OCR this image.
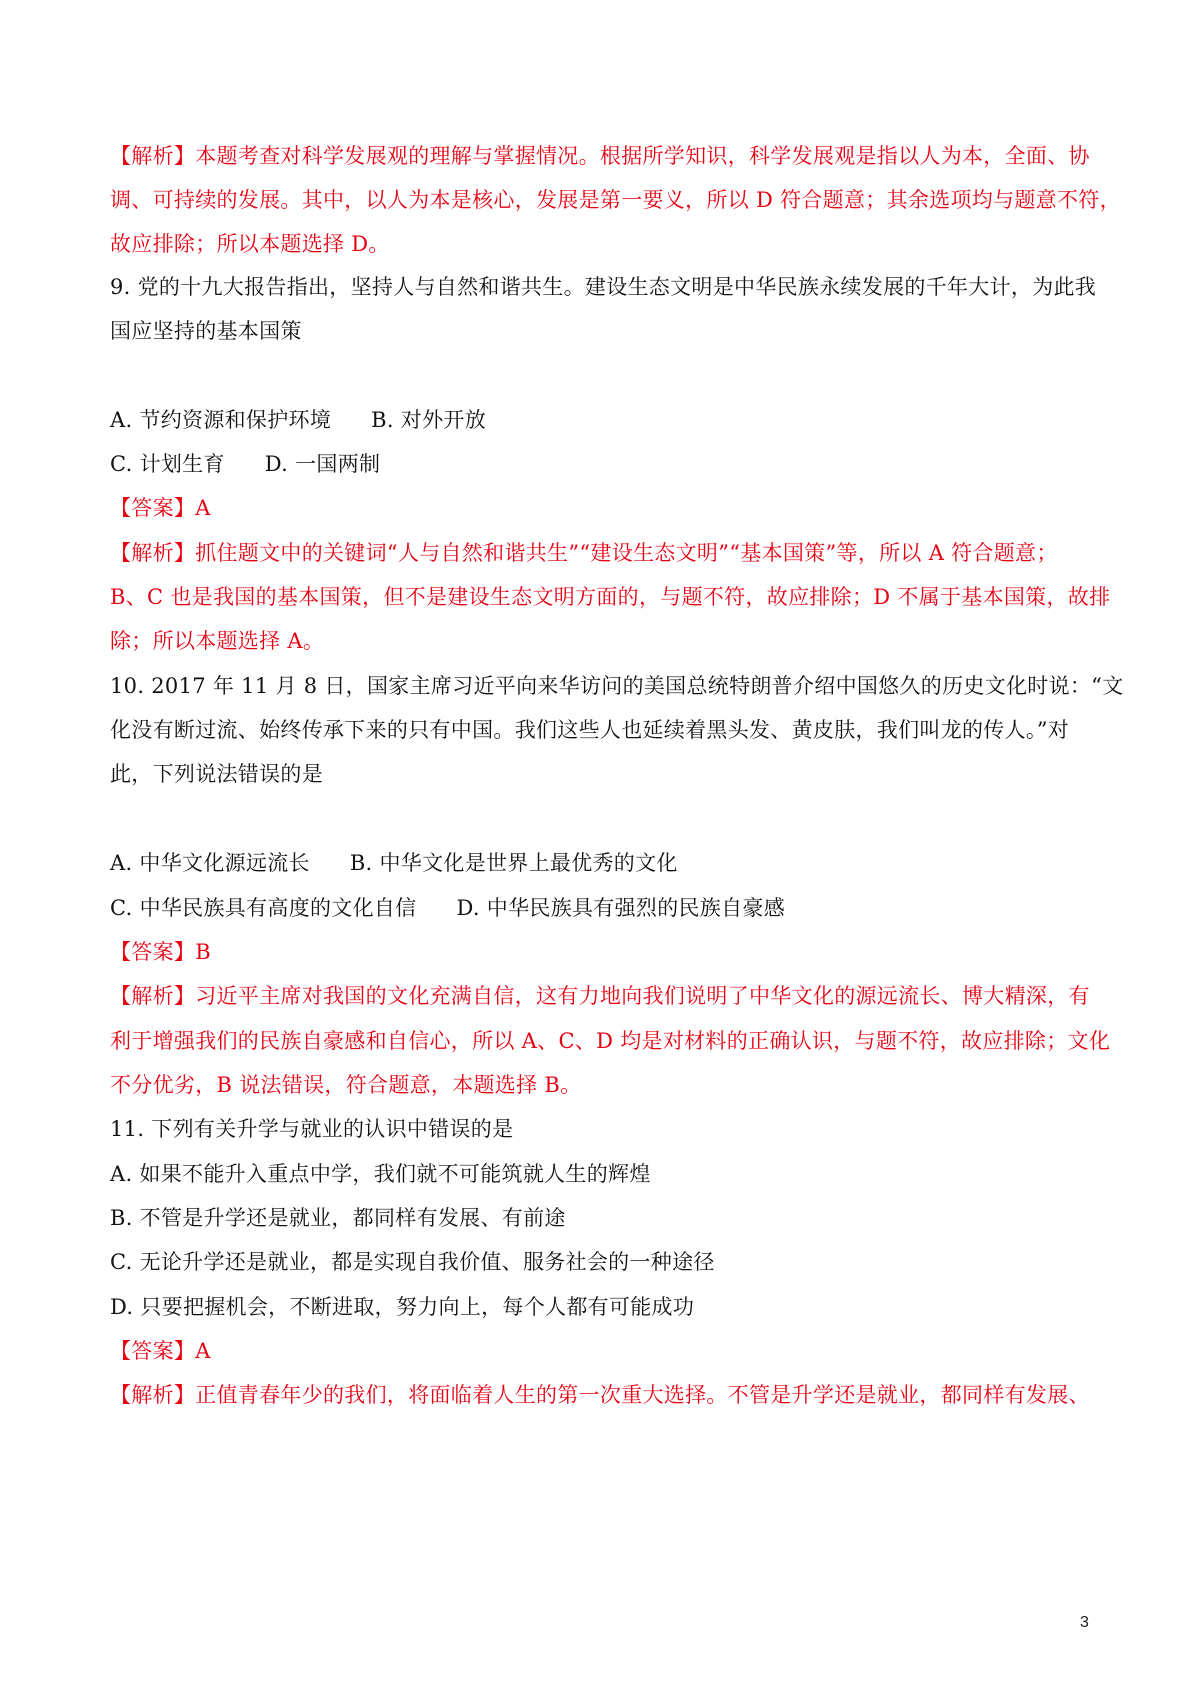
【解析】本题考查对科学发展观的理解与掌握情况。根据所学知识，科学发展观是指以人为本，全面、协
调、可持续的发展。其中，以人为本是核心，发展是第一要义，所以 D 符合题意；其余选项均与题意不符，
故应排除；所以本题选择 D。
9. 党的十九大报告指出，坚持人与自然和谐共生。建设生态文明是中华民族永续发展的千年大计，为此我
国应坚持的基本国策
A. 节约资源和保护环境 B. 对外开放
C. 计划生育 D. 一国两制
【答案】A
【解析】抓住题文中的关键词“人与自然和谐共生”“建设生态文明”“基本国策”等，所以 A 符合题意；
B、C 也是我国的基本国策，但不是建设生态文明方面的，与题不符，故应排除；D 不属于基本国策，故排
除；所以本题选择 A。
10. 2017 年 11 月 8 日，国家主席习近平向来华访问的美国总统特朗普介绍中国悠久的历史文化时说：“文
化没有断过流、始终传承下来的只有中国。我们这些人也延续着黑头发、黄皮肤，我们叫龙的传人。”对
此，下列说法错误的是
A. 中华文化源远流长 B. 中华文化是世界上最优秀的文化
C. 中华民族具有高度的文化自信 D. 中华民族具有强烈的民族自豪感
【答案】B
【解析】习近平主席对我国的文化充满自信，这有力地向我们说明了中华文化的源远流长、博大精深，有
利于增强我们的民族自豪感和自信心，所以 A、C、D 均是对材料的正确认识，与题不符，故应排除；文化
不分优劣，B 说法错误，符合题意，本题选择 B。
11. 下列有关升学与就业的认识中错误的是
A. 如果不能升入重点中学，我们就不可能筑就人生的辉煌
B. 不管是升学还是就业，都同样有发展、有前途
C. 无论升学还是就业，都是实现自我价值、服务社会的一种途径
D. 只要把握机会，不断进取，努力向上，每个人都有可能成功
【答案】A
【解析】正值青春年少的我们，将面临着人生的第一次重大选择。不管是升学还是就业，都同样有发展、
3
